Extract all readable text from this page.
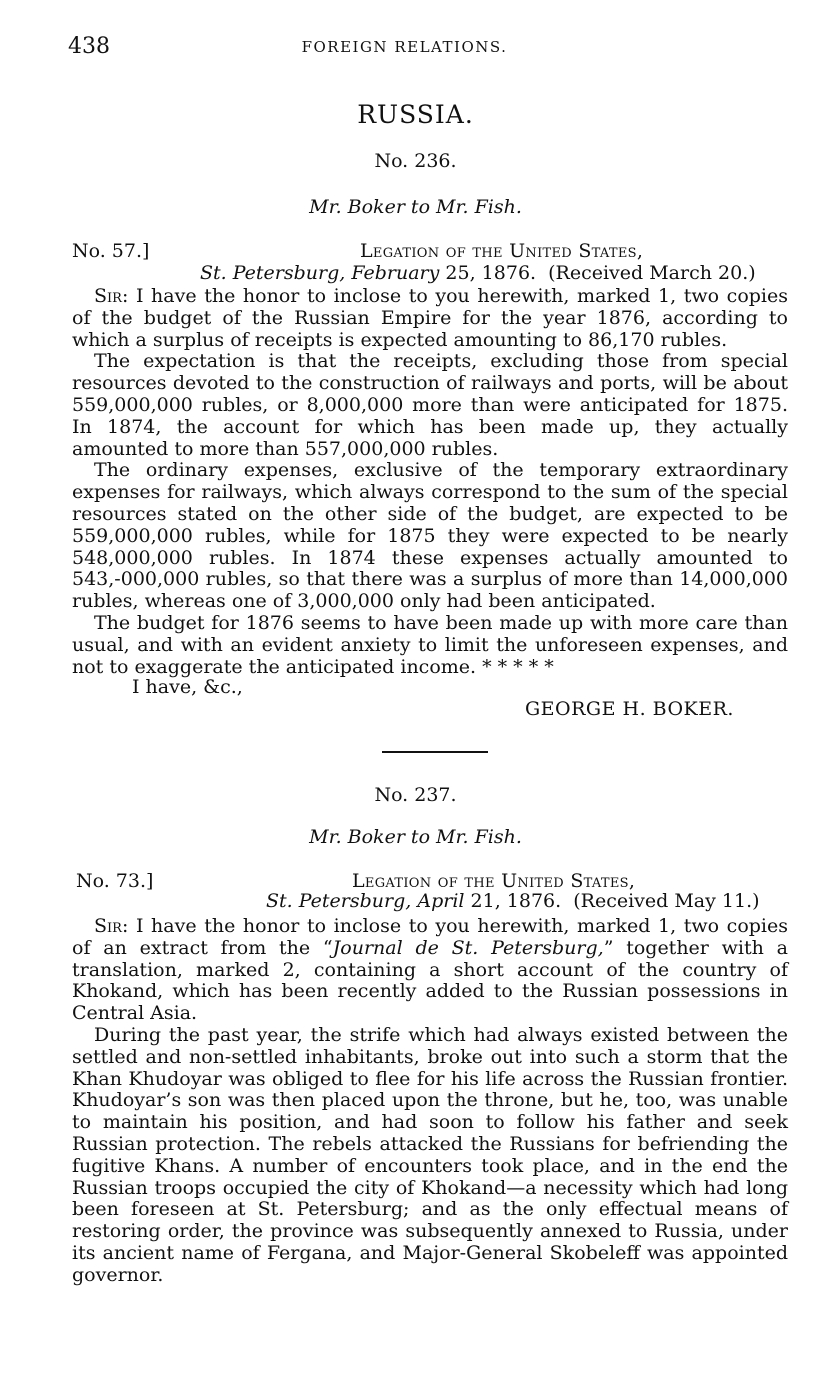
438	FOREIGN RELATIONS.
RUSSIA.
No. 236.
Mr. Boker to Mr. Fish.
No. 57.]	Legation of the United States,
St. Petersburg, February 25, 1876. (Received March 20.)

Sir: I have the honor to inclose to you herewith, marked 1, two copies of the budget of the Russian Empire for the year 1876, according to which a surplus of receipts is expected amounting to 86,170 rubles.

The expectation is that the receipts, excluding those from special resources devoted to the construction of railways and ports, will be about 559,000,000 rubles, or 8,000,000 more than were anticipated for 1875. In 1874, the account for which has been made up, they actually amounted to more than 557,000,000 rubles.

The ordinary expenses, exclusive of the temporary extraordinary expenses for railways, which always correspond to the sum of the special resources stated on the other side of the budget, are expected to be 559,000,000 rubles, while for 1875 they were expected to be nearly 548,000,000 rubles. In 1874 these expenses actually amounted to 543,-000,000 rubles, so that there was a surplus of more than 14,000,000 rubles, whereas one of 3,000,000 only had been anticipated.

The budget for 1876 seems to have been made up with more care than usual, and with an evident anxiety to limit the unforeseen expenses, and not to exaggerate the anticipated income. * * * * *

I have, &c.,
GEORGE H. BOKER.
No. 237.
Mr. Boker to Mr. Fish.
No. 73.]	Legation of the United States,
St. Petersburg, April 21, 1876. (Received May 11.)

Sir: I have the honor to inclose to you herewith, marked 1, two copies of an extract from the “Journal de St. Petersburg,” together with a translation, marked 2, containing a short account of the country of Khokand, which has been recently added to the Russian possessions in Central Asia.

During the past year, the strife which had always existed between the settled and non-settled inhabitants, broke out into such a storm that the Khan Khudoyar was obliged to flee for his life across the Russian frontier. Khudoyar’s son was then placed upon the throne, but he, too, was unable to maintain his position, and had soon to follow his father and seek Russian protection. The rebels attacked the Russians for befriending the fugitive Khans. A number of encounters took place, and in the end the Russian troops occupied the city of Khokand—a necessity which had long been foreseen at St. Petersburg; and as the only effectual means of restoring order, the province was subsequently annexed to Russia, under its ancient name of Fergana, and Major-General Skobeleff was appointed governor.
